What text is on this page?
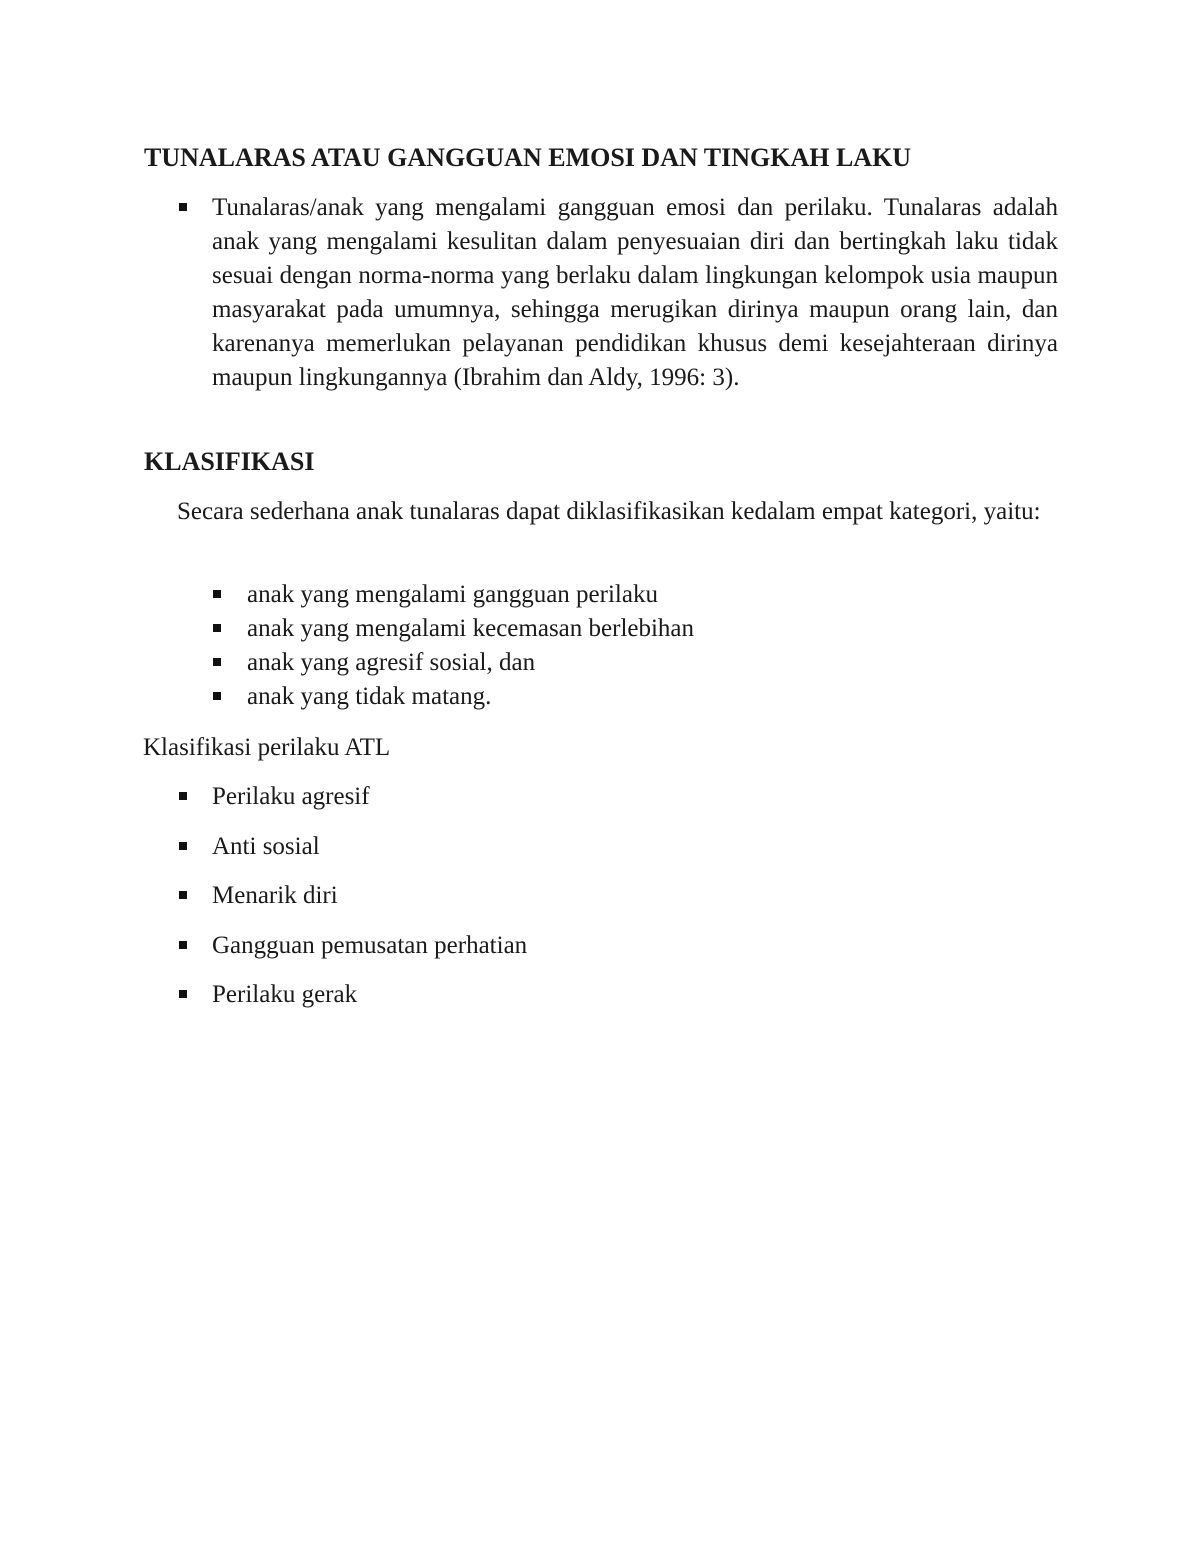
TUNALARAS ATAU GANGGUAN EMOSI DAN TINGKAH LAKU

Tunalaras/anak yang mengalami gangguan emosi dan perilaku. Tunalaras adalah anak yang mengalami kesulitan dalam penyesuaian diri dan bertingkah laku tidak sesuai dengan norma-norma yang berlaku dalam lingkungan kelompok usia maupun masyarakat pada umumnya, sehingga merugikan dirinya maupun orang lain, dan karenanya memerlukan pelayanan pendidikan khusus demi kesejahteraan dirinya maupun lingkungannya (Ibrahim dan Aldy, 1996: 3).

KLASIFIKASI

Secara sederhana anak tunalaras dapat diklasifikasikan kedalam empat kategori, yaitu:

anak yang mengalami gangguan perilaku

anak yang mengalami kecemasan berlebihan

anak yang agresif sosial, dan

anak yang tidak matang.

Klasifikasi perilaku ATL

Perilaku agresif

Anti sosial

Menarik diri

Gangguan pemusatan perhatian

Perilaku gerak
